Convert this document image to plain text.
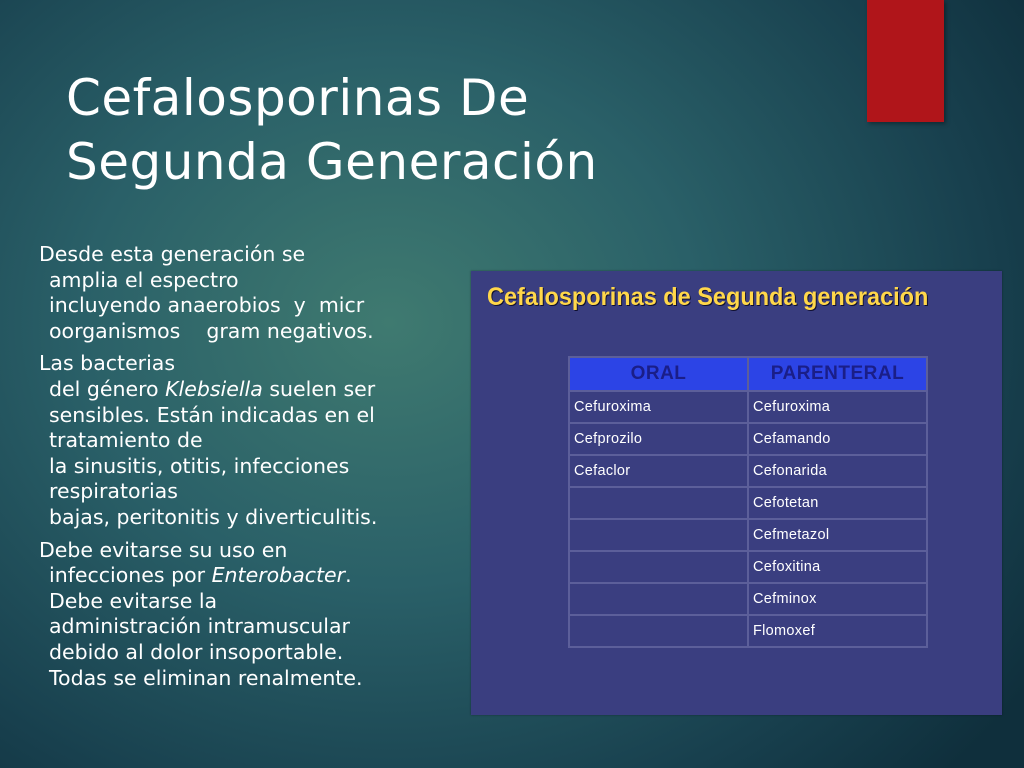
Cefalosporinas De
Segunda Generación
Desde esta generación se
amplia el espectro
incluyendo anaerobios  y  micr
oorganismos    gram negativos.
Las bacterias
del género Klebsiella suelen ser
sensibles. Están indicadas en el
tratamiento de
la sinusitis, otitis, infecciones
respiratorias
bajas, peritonitis y diverticulitis.
Debe evitarse su uso en
infecciones por Enterobacter.
Debe evitarse la
administración intramuscular
debido al dolor insoportable.
Todas se eliminan renalmente.
Cefalosporinas de Segunda generación
ORAL	PARENTERAL
Cefuroxima	Cefuroxima
Cefprozilo	Cefamando
Cefaclor	Cefonarida
	Cefotetan
	Cefmetazol
	Cefoxitina
	Cefminox
	Flomoxef
